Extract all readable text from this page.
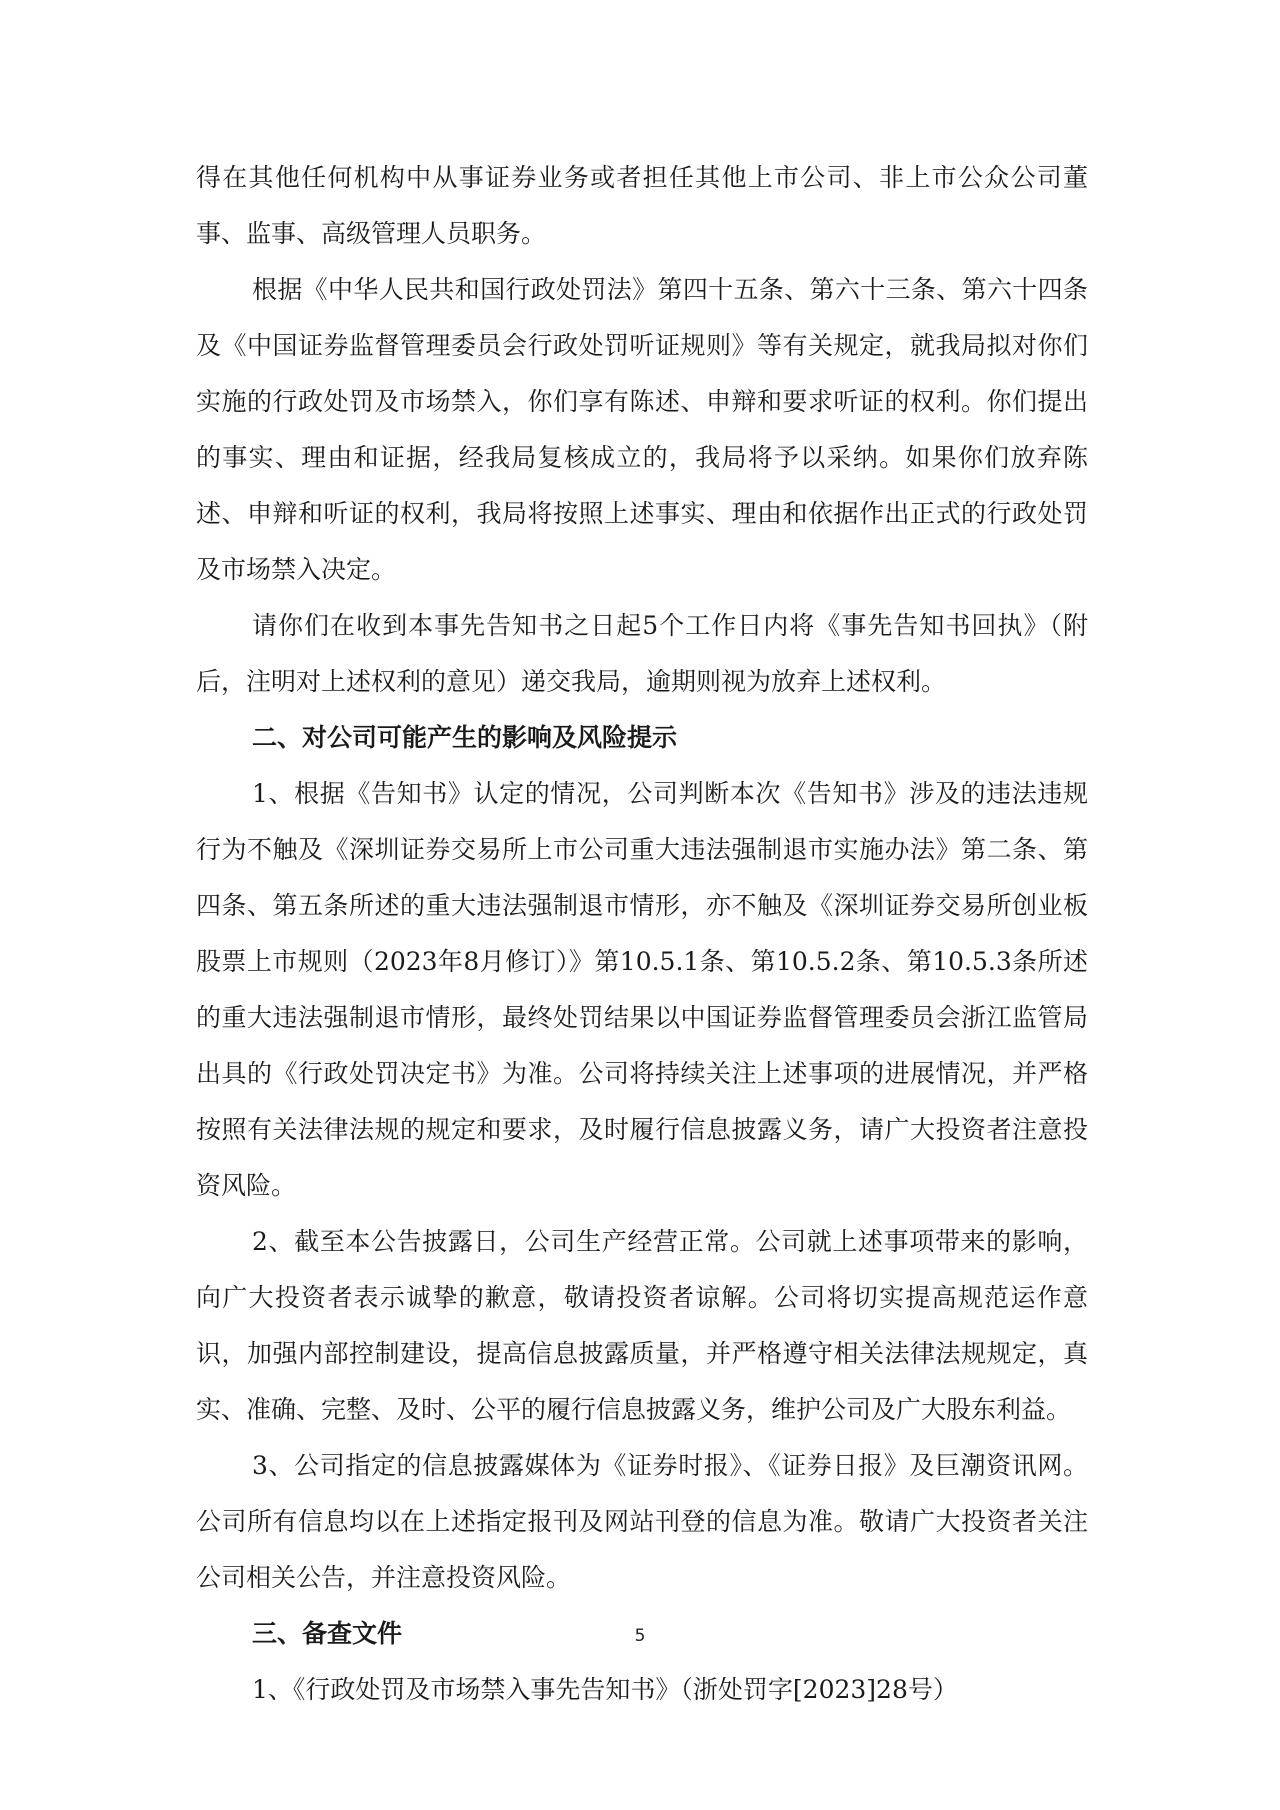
得在其他任何机构中从事证券业务或者担任其他上市公司、非上市公众公司董事、监事、高级管理人员职务。

根据《中华人民共和国行政处罚法》第四十五条、第六十三条、第六十四条及《中国证券监督管理委员会行政处罚听证规则》等有关规定，就我局拟对你们实施的行政处罚及市场禁入，你们享有陈述、申辩和要求听证的权利。你们提出的事实、理由和证据，经我局复核成立的，我局将予以采纳。如果你们放弃陈述、申辩和听证的权利，我局将按照上述事实、理由和依据作出正式的行政处罚及市场禁入决定。

请你们在收到本事先告知书之日起5个工作日内将《事先告知书回执》（附后，注明对上述权利的意见）递交我局，逾期则视为放弃上述权利。

二、对公司可能产生的影响及风险提示

1、根据《告知书》认定的情况，公司判断本次《告知书》涉及的违法违规行为不触及《深圳证券交易所上市公司重大违法强制退市实施办法》第二条、第四条、第五条所述的重大违法强制退市情形，亦不触及《深圳证券交易所创业板股票上市规则（2023年8月修订）》第10.5.1条、第10.5.2条、第10.5.3条所述的重大违法强制退市情形，最终处罚结果以中国证券监督管理委员会浙江监管局出具的《行政处罚决定书》为准。公司将持续关注上述事项的进展情况，并严格按照有关法律法规的规定和要求，及时履行信息披露义务，请广大投资者注意投资风险。

2、截至本公告披露日，公司生产经营正常。公司就上述事项带来的影响，向广大投资者表示诚挚的歉意，敬请投资者谅解。公司将切实提高规范运作意识，加强内部控制建设，提高信息披露质量，并严格遵守相关法律法规规定，真实、准确、完整、及时、公平的履行信息披露义务，维护公司及广大股东利益。

3、公司指定的信息披露媒体为《证券时报》、《证券日报》及巨潮资讯网。公司所有信息均以在上述指定报刊及网站刊登的信息为准。敬请广大投资者关注公司相关公告，并注意投资风险。

三、备查文件

1、《行政处罚及市场禁入事先告知书》（浙处罚字[2023]28号）

5
